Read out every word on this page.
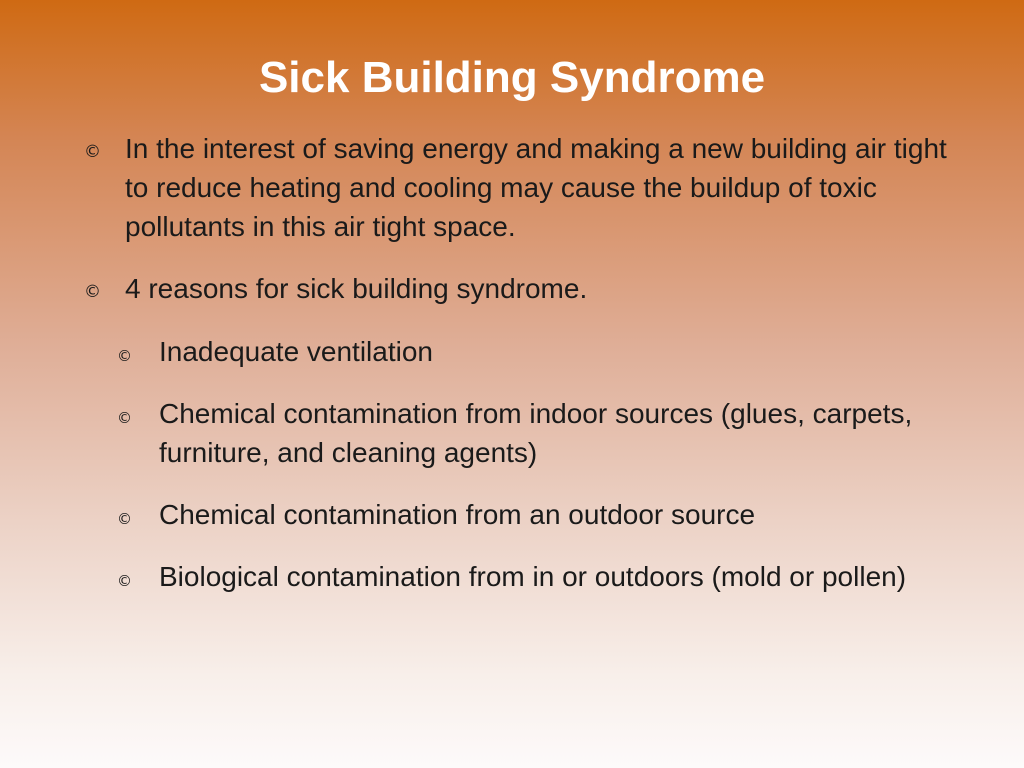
Sick Building Syndrome
© In the interest of saving energy and making a new building air tight to reduce heating and cooling may cause the buildup of toxic pollutants in this air tight space.
© 4 reasons for sick building syndrome.
© Inadequate ventilation
© Chemical contamination from indoor sources (glues, carpets, furniture, and cleaning agents)
© Chemical contamination from an outdoor source
© Biological contamination from in or outdoors (mold or pollen)
